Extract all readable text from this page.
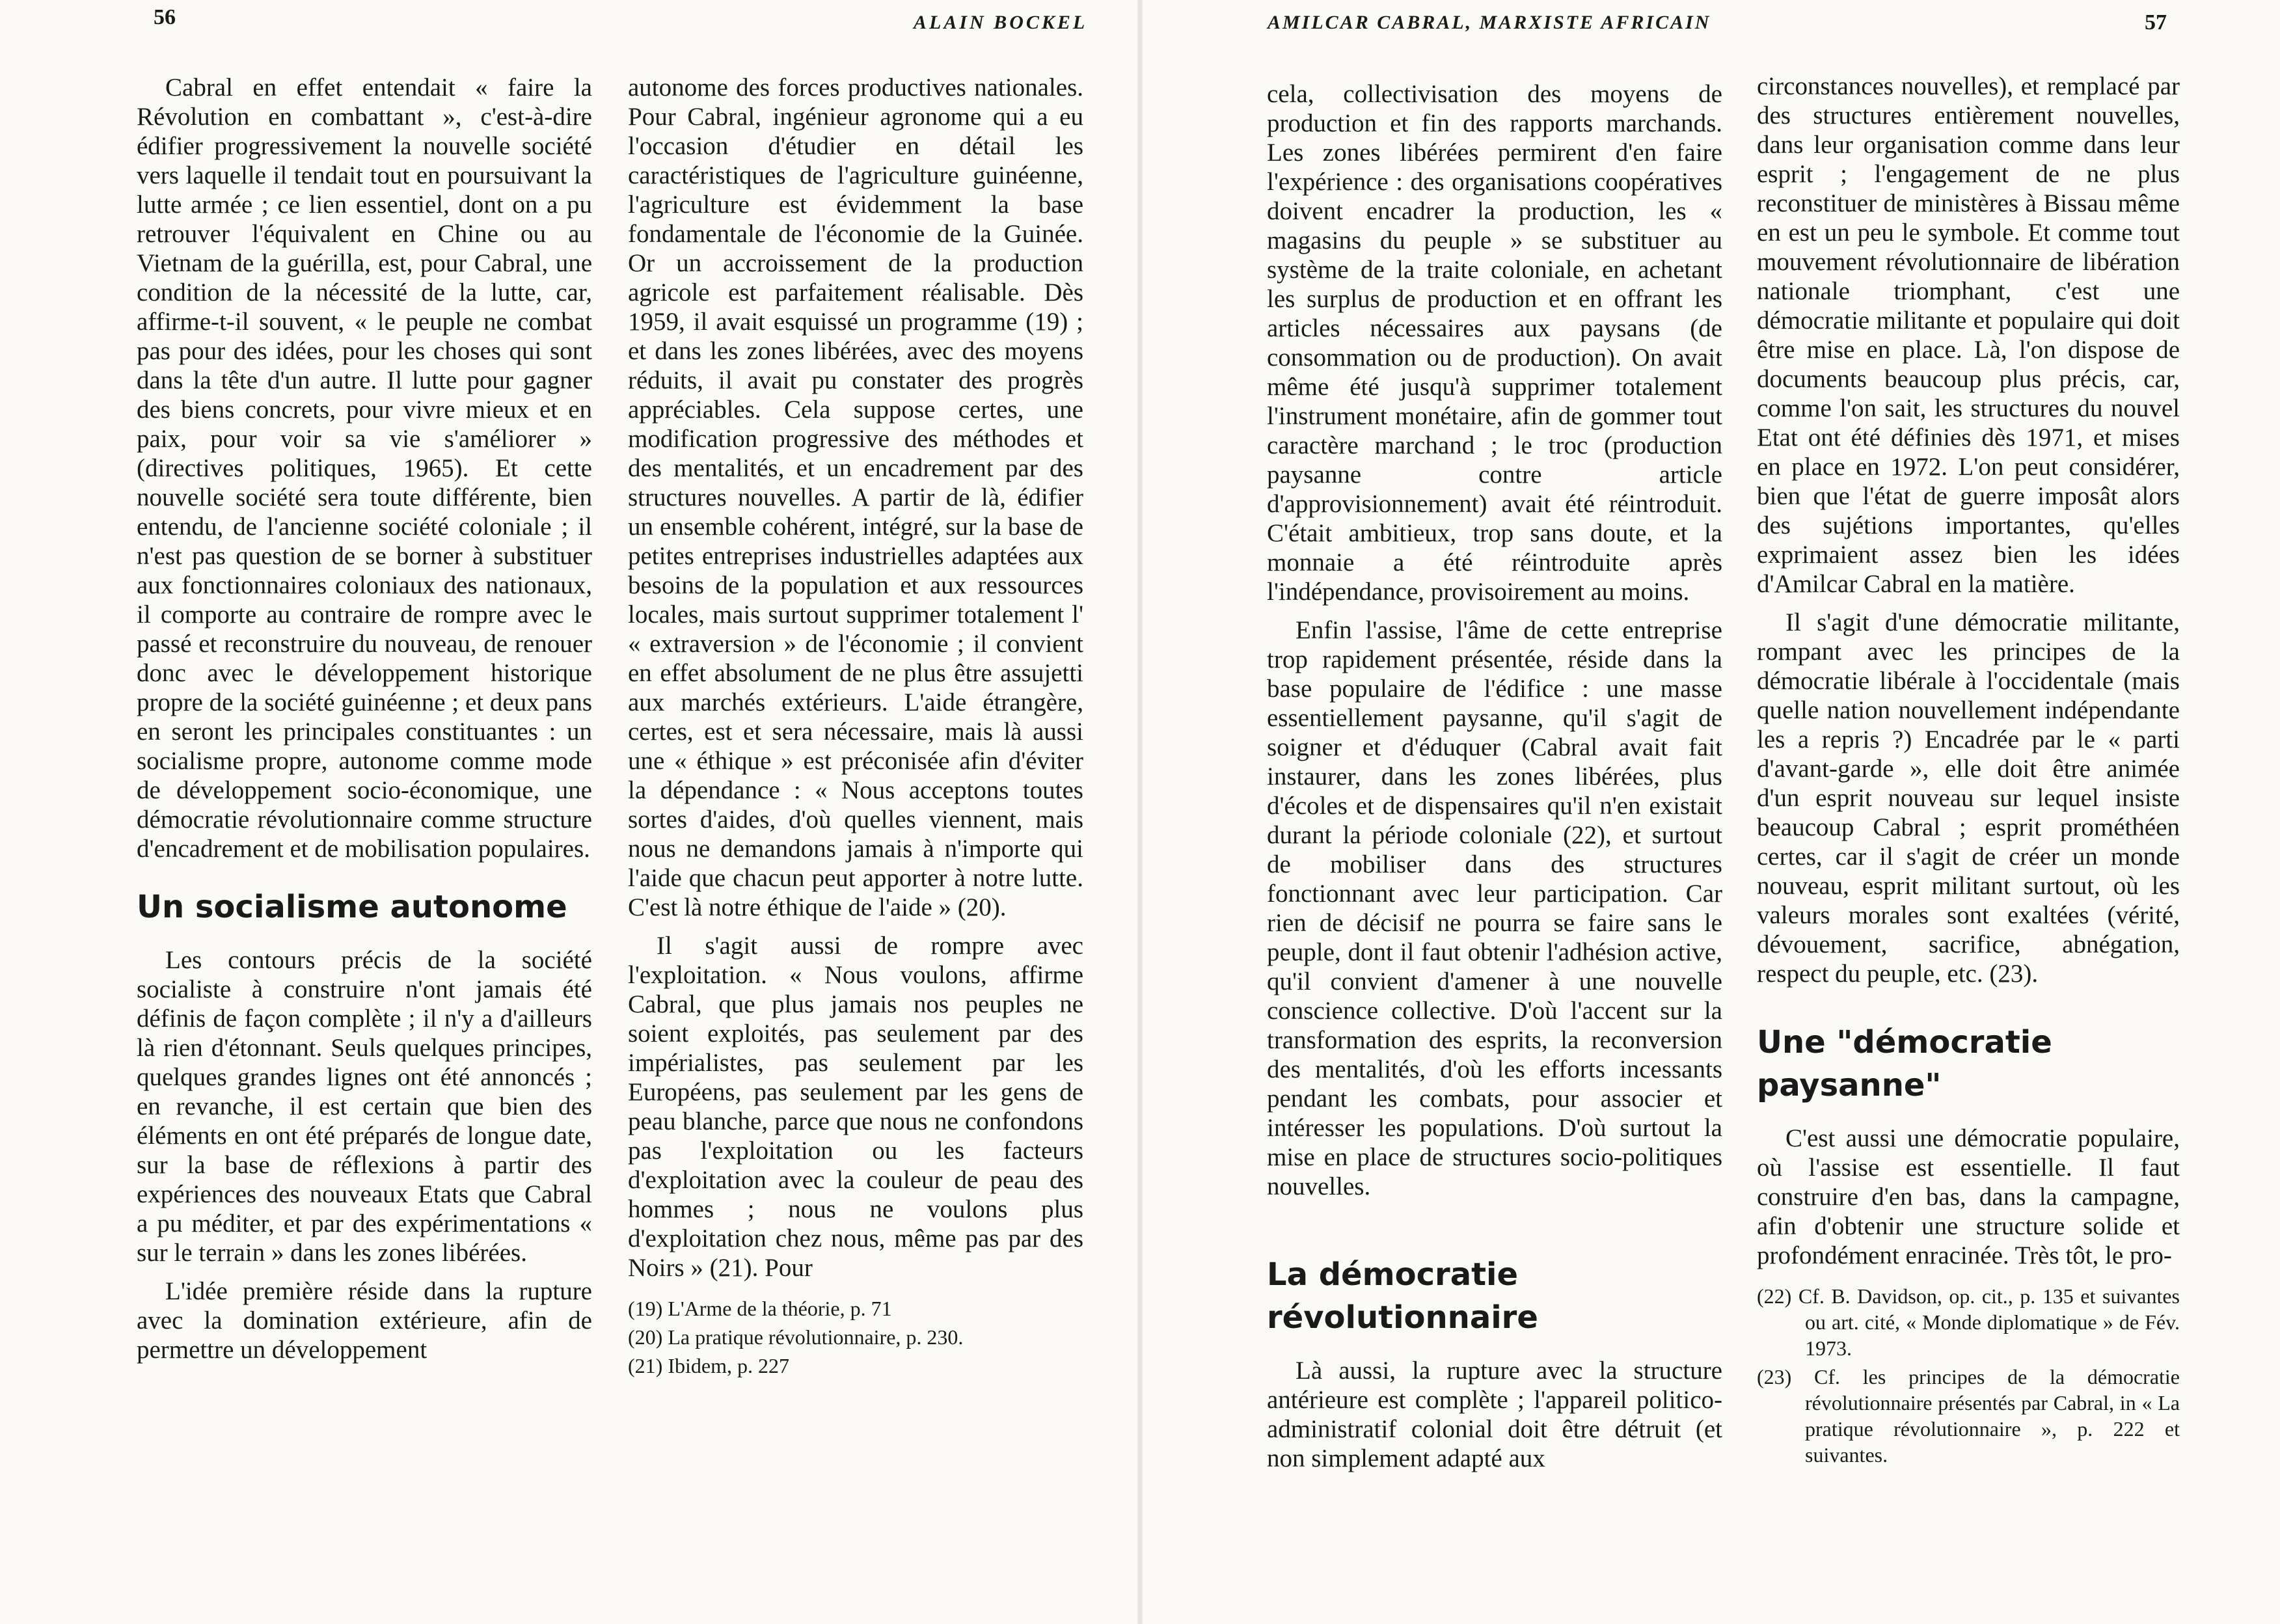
56	ALAIN BOCKEL

Cabral en effet entendait « faire la Révolution en combattant », c'est-à-dire édifier progressivement la nouvelle société vers laquelle il tendait tout en poursuivant la lutte armée ; ce lien essentiel, dont on a pu retrouver l'équivalent en Chine ou au Vietnam de la guérilla, est, pour Cabral, une condition de la nécessité de la lutte, car, affirme-t-il souvent, « le peuple ne combat pas pour des idées, pour les choses qui sont dans la tête d'un autre. Il lutte pour gagner des biens concrets, pour vivre mieux et en paix, pour voir sa vie s'améliorer » (directives politiques, 1965). Et cette nouvelle société sera toute différente, bien entendu, de l'ancienne société coloniale ; il n'est pas question de se borner à substituer aux fonctionnaires coloniaux des nationaux, il comporte au contraire de rompre avec le passé et reconstruire du nouveau, de renouer donc avec le développement historique propre de la société guinéenne ; et deux pans en seront les principales constituantes : un socialisme propre, autonome comme mode de développement socio-économique, une démocratie révolutionnaire comme structure d'encadrement et de mobilisation populaires.

Un socialisme autonome

Les contours précis de la société socialiste à construire n'ont jamais été définis de façon complète ; il n'y a d'ailleurs là rien d'étonnant. Seuls quelques principes, quelques grandes lignes ont été annoncés ; en revanche, il est certain que bien des éléments en ont été préparés de longue date, sur la base de réflexions à partir des expériences des nouveaux Etats que Cabral a pu méditer, et par des expérimentations « sur le terrain » dans les zones libérées.

L'idée première réside dans la rupture avec la domination extérieure, afin de permettre un développement

autonome des forces productives nationales. Pour Cabral, ingénieur agronome qui a eu l'occasion d'étudier en détail les caractéristiques de l'agriculture guinéenne, l'agriculture est évidemment la base fondamentale de l'économie de la Guinée. Or un accroissement de la production agricole est parfaitement réalisable. Dès 1959, il avait esquissé un programme (19) ; et dans les zones libérées, avec des moyens réduits, il avait pu constater des progrès appréciables. Cela suppose certes, une modification progressive des méthodes et des mentalités, et un encadrement par des structures nouvelles. A partir de là, édifier un ensemble cohérent, intégré, sur la base de petites entreprises industrielles adaptées aux besoins de la population et aux ressources locales, mais surtout supprimer totalement l' « extraversion » de l'économie ; il convient en effet absolument de ne plus être assujetti aux marchés extérieurs. L'aide étrangère, certes, est et sera nécessaire, mais là aussi une « éthique » est préconisée afin d'éviter la dépendance : « Nous acceptons toutes sortes d'aides, d'où quelles viennent, mais nous ne demandons jamais à n'importe qui l'aide que chacun peut apporter à notre lutte. C'est là notre éthique de l'aide » (20).

Il s'agit aussi de rompre avec l'exploitation. « Nous voulons, affirme Cabral, que plus jamais nos peuples ne soient exploités, pas seulement par des impérialistes, pas seulement par les Européens, pas seulement par les gens de peau blanche, parce que nous ne confondons pas l'exploitation ou les facteurs d'exploitation avec la couleur de peau des hommes ; nous ne voulons plus d'exploitation chez nous, même pas par des Noirs » (21). Pour

(19) L'Arme de la théorie, p. 71
(20) La pratique révolutionnaire, p. 230.
(21) Ibidem, p. 227
AMILCAR CABRAL, MARXISTE AFRICAIN	57

cela, collectivisation des moyens de production et fin des rapports marchands. Les zones libérées permirent d'en faire l'expérience : des organisations coopératives doivent encadrer la production, les « magasins du peuple » se substituer au système de la traite coloniale, en achetant les surplus de production et en offrant les articles nécessaires aux paysans (de consommation ou de production). On avait même été jusqu'à supprimer totalement l'instrument monétaire, afin de gommer tout caractère marchand ; le troc (production paysanne contre article d'approvisionnement) avait été réintroduit. C'était ambitieux, trop sans doute, et la monnaie a été réintroduite après l'indépendance, provisoirement au moins.

Enfin l'assise, l'âme de cette entreprise trop rapidement présentée, réside dans la base populaire de l'édifice : une masse essentiellement paysanne, qu'il s'agit de soigner et d'éduquer (Cabral avait fait instaurer, dans les zones libérées, plus d'écoles et de dispensaires qu'il n'en existait durant la période coloniale (22), et surtout de mobiliser dans des structures fonctionnant avec leur participation. Car rien de décisif ne pourra se faire sans le peuple, dont il faut obtenir l'adhésion active, qu'il convient d'amener à une nouvelle conscience collective. D'où l'accent sur la transformation des esprits, la reconversion des mentalités, d'où les efforts incessants pendant les combats, pour associer et intéresser les populations. D'où surtout la mise en place de structures socio-politiques nouvelles.

La démocratie révolutionnaire

Là aussi, la rupture avec la structure antérieure est complète ; l'appareil politico-administratif colonial doit être détruit (et non simplement adapté aux

circonstances nouvelles), et remplacé par des structures entièrement nouvelles, dans leur organisation comme dans leur esprit ; l'engagement de ne plus reconstituer de ministères à Bissau même en est un peu le symbole. Et comme tout mouvement révolutionnaire de libération nationale triomphant, c'est une démocratie militante et populaire qui doit être mise en place. Là, l'on dispose de documents beaucoup plus précis, car, comme l'on sait, les structures du nouvel Etat ont été définies dès 1971, et mises en place en 1972. L'on peut considérer, bien que l'état de guerre imposât alors des sujétions importantes, qu'elles exprimaient assez bien les idées d'Amilcar Cabral en la matière.

Il s'agit d'une démocratie militante, rompant avec les principes de la démocratie libérale à l'occidentale (mais quelle nation nouvellement indépendante les a repris ?) Encadrée par le « parti d'avant-garde », elle doit être animée d'un esprit nouveau sur lequel insiste beaucoup Cabral ; esprit prométhéen certes, car il s'agit de créer un monde nouveau, esprit militant surtout, où les valeurs morales sont exaltées (vérité, dévouement, sacrifice, abnégation, respect du peuple, etc. (23).

Une "démocratie paysanne"

C'est aussi une démocratie populaire, où l'assise est essentielle. Il faut construire d'en bas, dans la campagne, afin d'obtenir une structure solide et profondément enracinée. Très tôt, le pro-

(22) Cf. B. Davidson, op. cit., p. 135 et suivantes ou art. cité, « Monde diplomatique » de Fév. 1973.
(23) Cf. les principes de la démocratie révolutionnaire présentés par Cabral, in « La pratique révolutionnaire », p. 222 et suivantes.
